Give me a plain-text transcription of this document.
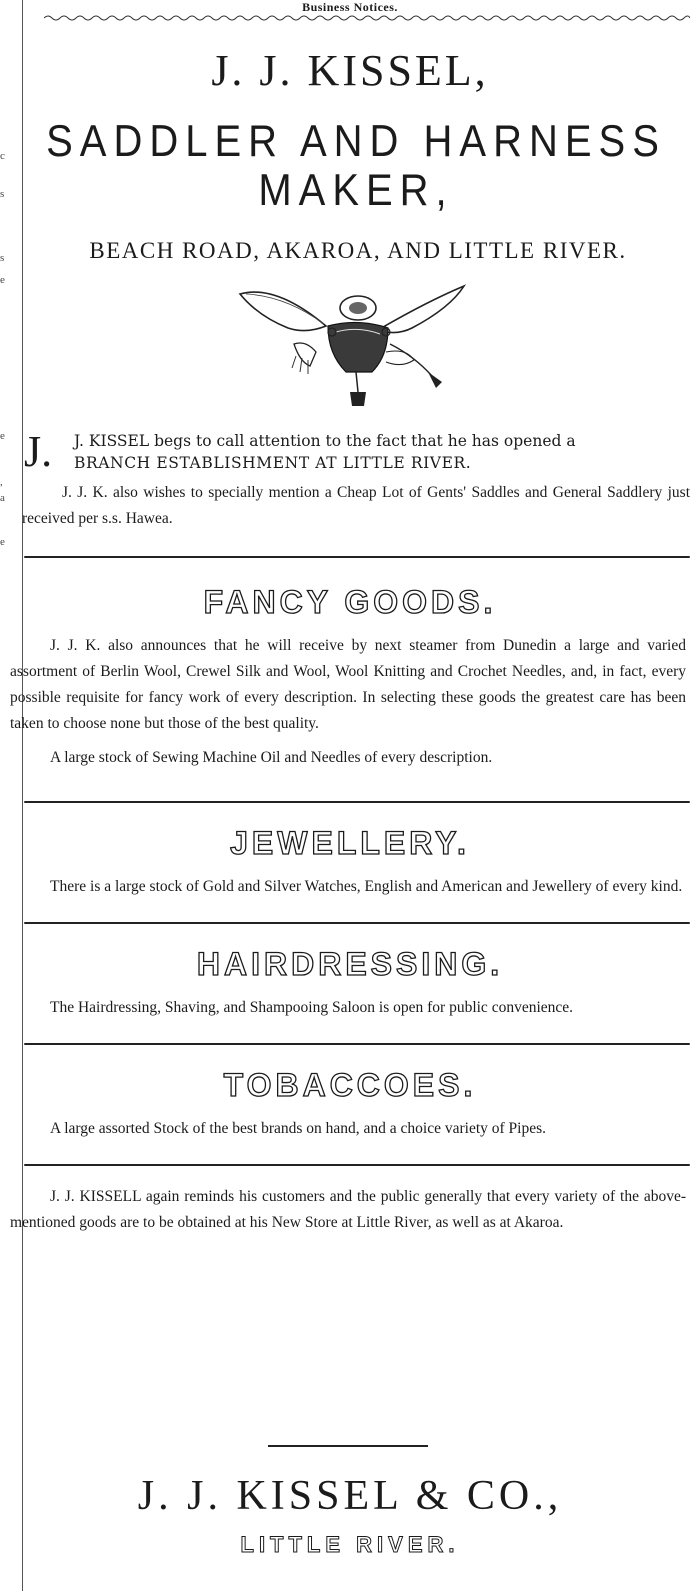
c
s
s
e
e
,
a
e
Business Notices.
J. J. KISSEL,
SADDLER AND HARNESS MAKER,
BEACH ROAD, AKAROA, AND LITTLE RIVER.
J.	J. KISSEL begs to call attention to the fact that he has opened a
BRANCH ESTABLISHMENT AT LITTLE RIVER.
J. J. K. also wishes to specially mention a Cheap Lot of Gents' Saddles and General Saddlery just received per s.s. Hawea.
FANCY GOODS.
J. J. K. also announces that he will receive by next steamer from Dunedin a large and varied assortment of Berlin Wool, Crewel Silk and Wool, Wool Knitting and Crochet Needles, and, in fact, every possible requisite for fancy work of every description. In selecting these goods the greatest care has been taken to choose none but those of the best quality.
A large stock of Sewing Machine Oil and Needles of every description.
JEWELLERY.
There is a large stock of Gold and Silver Watches, English and American and Jewellery of every kind.
HAIRDRESSING.
The Hairdressing, Shaving, and Shampooing Saloon is open for public convenience.
TOBACCOES.
A large assorted Stock of the best brands on hand, and a choice variety of Pipes.
J. J. KISSELL again reminds his customers and the public generally that every variety of the above-mentioned goods are to be obtained at his New Store at Little River, as well as at Akaroa.
J. J. KISSEL & CO.,
LITTLE RIVER.
